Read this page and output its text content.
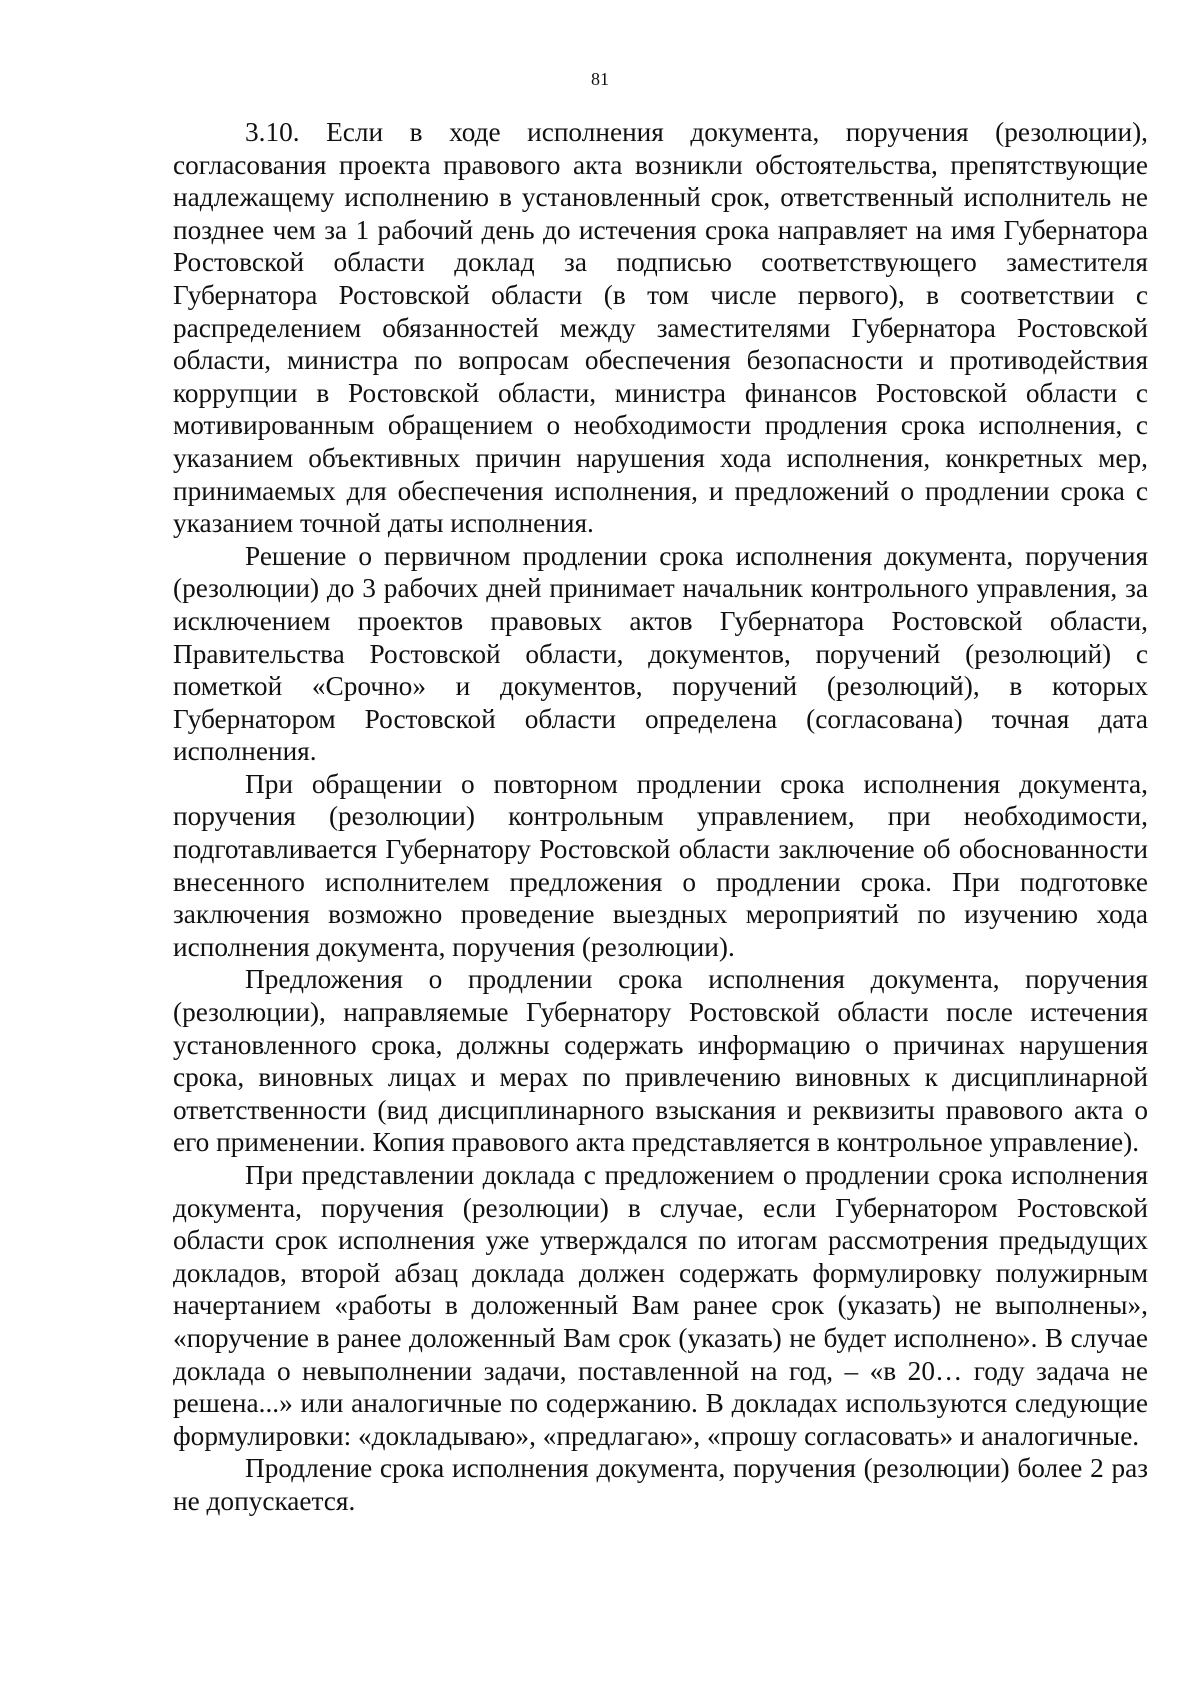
81

3.10. Если в ходе исполнения документа, поручения (резолюции), согласования проекта правового акта возникли обстоятельства, препятствующие надлежащему исполнению в установленный срок, ответственный исполнитель не позднее чем за 1 рабочий день до истечения срока направляет на имя Губернатора Ростовской области доклад за подписью соответствующего заместителя Губернатора Ростовской области (в том числе первого), в соответствии с распределением обязанностей между заместителями Губернатора Ростовской области, министра по вопросам обеспечения безопасности и противодействия коррупции в Ростовской области, министра финансов Ростовской области с мотивированным обращением о необходимости продления срока исполнения, с указанием объективных причин нарушения хода исполнения, конкретных мер, принимаемых для обеспечения исполнения, и предложений о продлении срока с указанием точной даты исполнения.

Решение о первичном продлении срока исполнения документа, поручения (резолюции) до 3 рабочих дней принимает начальник контрольного управления, за исключением проектов правовых актов Губернатора Ростовской области, Правительства Ростовской области, документов, поручений (резолюций) с пометкой «Срочно» и документов, поручений (резолюций), в которых Губернатором Ростовской области определена (согласована) точная дата исполнения.

При обращении о повторном продлении срока исполнения документа, поручения (резолюции) контрольным управлением, при необходимости, подготавливается Губернатору Ростовской области заключение об обоснованности внесенного исполнителем предложения о продлении срока. При подготовке заключения возможно проведение выездных мероприятий по изучению хода исполнения документа, поручения (резолюции).

Предложения о продлении срока исполнения документа, поручения (резолюции), направляемые Губернатору Ростовской области после истечения установленного срока, должны содержать информацию о причинах нарушения срока, виновных лицах и мерах по привлечению виновных к дисциплинарной ответственности (вид дисциплинарного взыскания и реквизиты правового акта о его применении. Копия правового акта представляется в контрольное управление).

При представлении доклада с предложением о продлении срока исполнения документа, поручения (резолюции) в случае, если Губернатором Ростовской области срок исполнения уже утверждался по итогам рассмотрения предыдущих докладов, второй абзац доклада должен содержать формулировку полужирным начертанием «работы в доложенный Вам ранее срок (указать) не выполнены», «поручение в ранее доложенный Вам срок (указать) не будет исполнено». В случае доклада о невыполнении задачи, поставленной на год, – «в 20… году задача не решена...» или аналогичные по содержанию. В докладах используются следующие формулировки: «докладываю», «предлагаю», «прошу согласовать» и аналогичные.

Продление срока исполнения документа, поручения (резолюции) более 2 раз не допускается.
